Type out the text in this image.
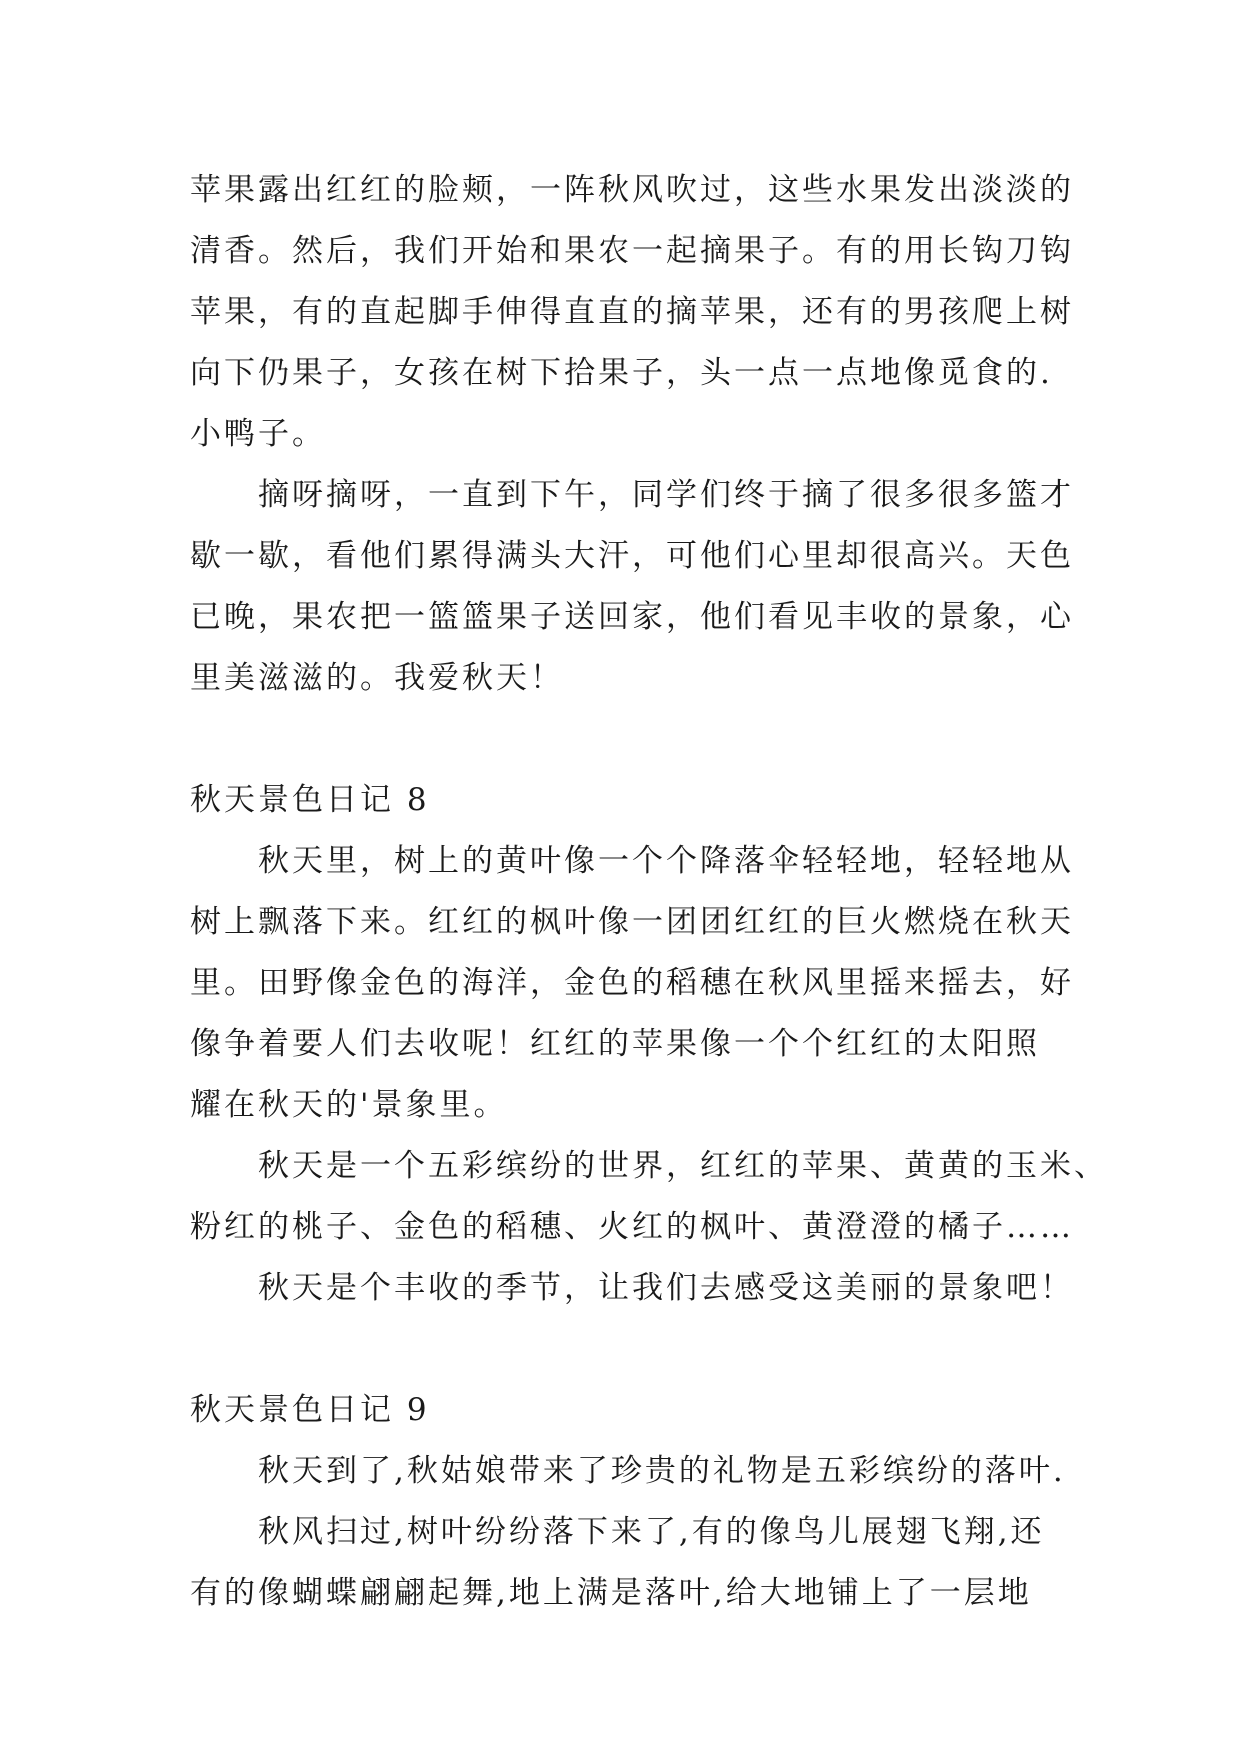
苹果露出红红的脸颊，一阵秋风吹过，这些水果发出淡淡的
清香。然后，我们开始和果农一起摘果子。有的用长钩刀钩
苹果，有的直起脚手伸得直直的摘苹果，还有的男孩爬上树
向下仍果子，女孩在树下拾果子，头一点一点地像觅食的.
小鸭子。
摘呀摘呀，一直到下午，同学们终于摘了很多很多篮才
歇一歇，看他们累得满头大汗，可他们心里却很高兴。天色
已晚，果农把一篮篮果子送回家，他们看见丰收的景象，心
里美滋滋的。我爱秋天！
秋天景色日记 8
秋天里，树上的黄叶像一个个降落伞轻轻地，轻轻地从
树上飘落下来。红红的枫叶像一团团红红的巨火燃烧在秋天
里。田野像金色的海洋，金色的稻穗在秋风里摇来摇去，好
像争着要人们去收呢！红红的苹果像一个个红红的太阳照
耀在秋天的'景象里。
秋天是一个五彩缤纷的世界，红红的苹果、黄黄的玉米、
粉红的桃子、金色的稻穗、火红的枫叶、黄澄澄的橘子……
秋天是个丰收的季节，让我们去感受这美丽的景象吧！
秋天景色日记 9
秋天到了,秋姑娘带来了珍贵的礼物是五彩缤纷的落叶.
秋风扫过,树叶纷纷落下来了,有的像鸟儿展翅飞翔,还
有的像蝴蝶翩翩起舞,地上满是落叶,给大地铺上了一层地
